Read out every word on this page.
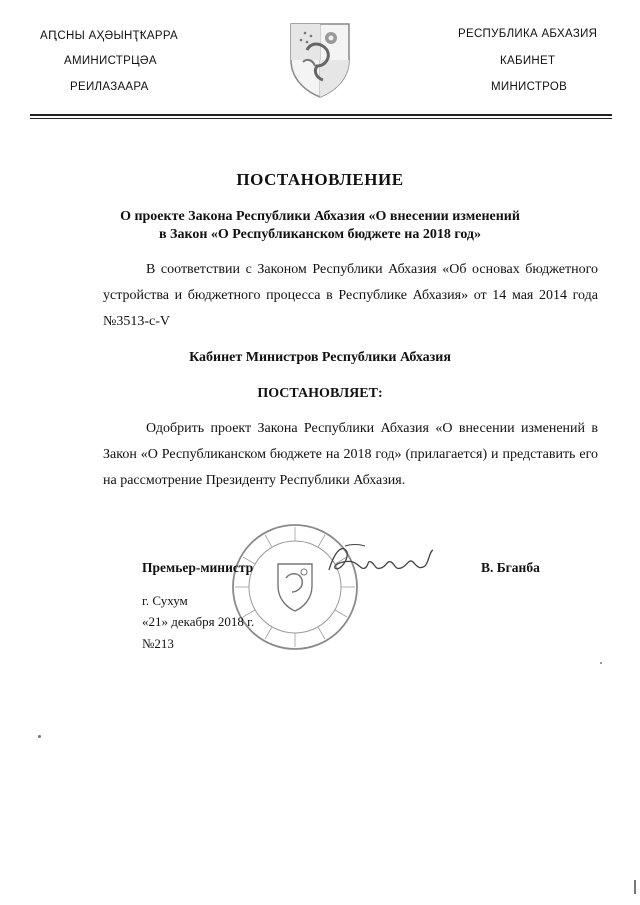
АԤСНЫ АҲӘЫНҬҞАРРА
АМИНИСТРЦӘА
РЕИЛАЗААРА
РЕСПУБЛИКА АБХАЗИЯ
КАБИНЕТ
МИНИСТРОВ
ПОСТАНОВЛЕНИЕ
О проекте Закона Республики Абхазия «О внесении изменений
в Закон «О Республиканском бюджете на 2018 год»
В соответствии с Законом Республики Абхазия «Об основах бюджетного устройства и бюджетного процесса в Республике Абхазия» от 14 мая 2014 года №3513-с-V
Кабинет Министров Республики Абхазия
ПОСТАНОВЛЯЕТ:
Одобрить проект Закона Республики Абхазия «О внесении изменений в Закон «О Республиканском бюджете на 2018 год» (прилагается) и представить его на рассмотрение Президенту Республики Абхазия.
Премьер-министр	В. Бганба
г. Сухум
«21» декабря 2018 г.
№213
